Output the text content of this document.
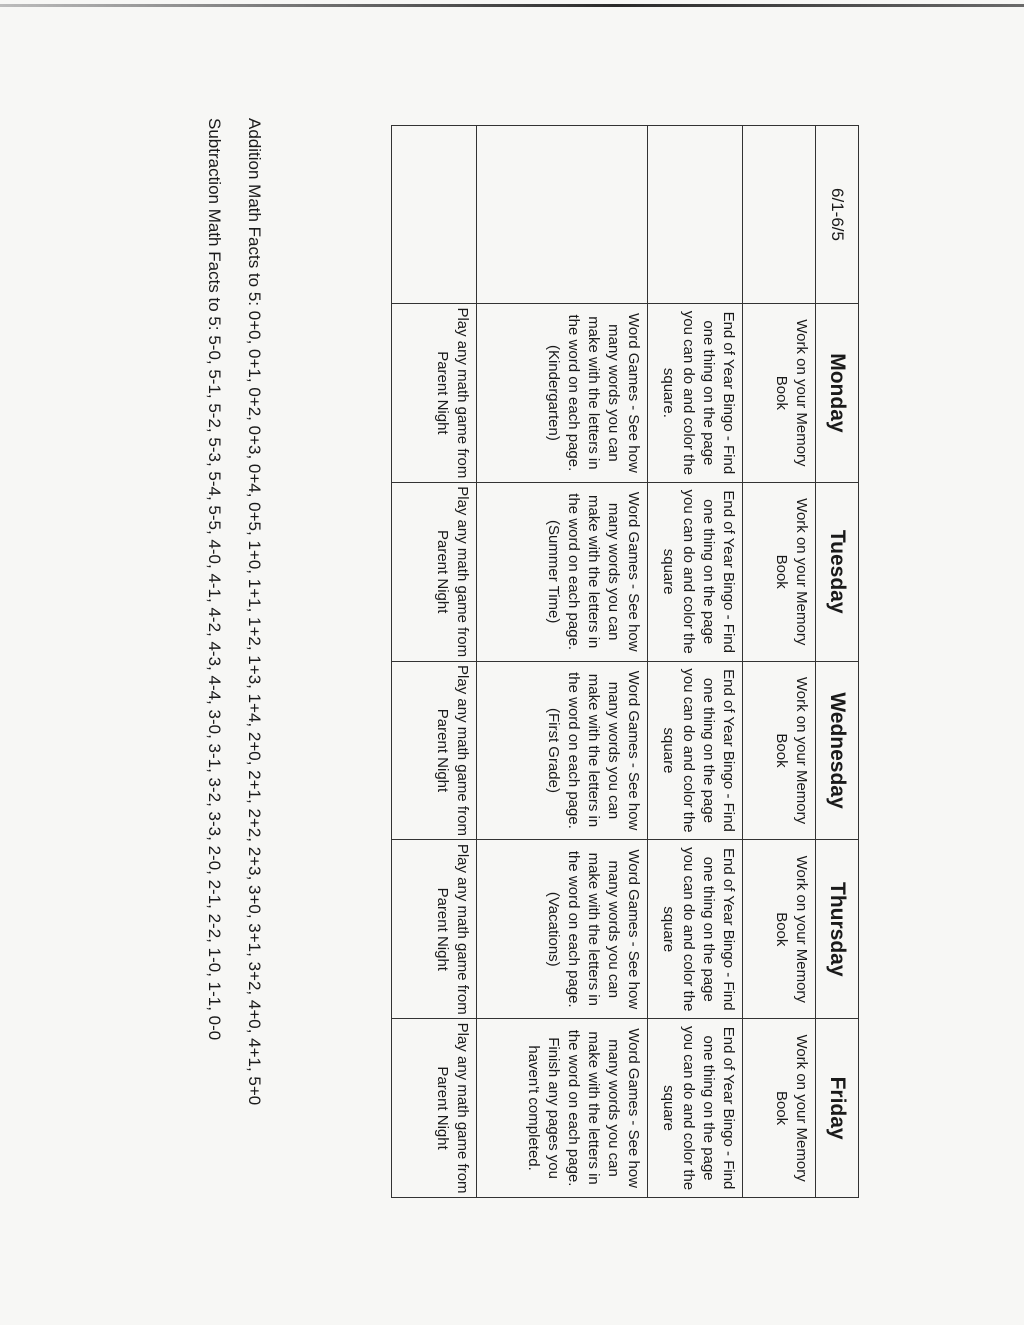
6/1-6/5	Monday	Tuesday	Wednesday	Thursday	Friday
	Work on your Memory Book	Work on your Memory Book	Work on your Memory Book	Work on your Memory Book	Work on your Memory Book
	End of Year Bingo - Find one thing on the page you can do and color the square.	End of Year Bingo - Find one thing on the page you can do and color the square	End of Year Bingo - Find one thing on the page you can do and color the square	End of Year Bingo - Find one thing on the page you can do and color the square	End of Year Bingo - Find one thing on the page you can do and color the square
	Word Games - See how many words you can make with the letters in the word on each page. (Kindergarten)	Word Games - See how many words you can make with the letters in the word on each page. (Summer Time)	Word Games - See how many words you can make with the letters in the word on each page. (First Grade)	Word Games - See how many words you can make with the letters in the word on each page. (Vacations)	Word Games - See how many words you can make with the letters in the word on each page. Finish any pages you haven't completed.
	Play any math game from Parent Night	Play any math game from Parent Night	Play any math game from Parent Night	Play any math game from Parent Night	Play any math game from Parent Night
Addition Math Facts to 5: 0+0, 0+1, 0+2, 0+3, 0+4, 0+5, 1+0, 1+1, 1+2, 1+3, 1+4, 2+0, 2+1, 2+2, 2+3, 3+0, 3+1, 3+2, 4+0, 4+1, 5+0
Subtraction Math Facts to 5: 5-0, 5-1, 5-2, 5-3, 5-4, 5-5, 4-0, 4-1, 4-2, 4-3, 4-4, 3-0, 3-1, 3-2, 3-3, 2-0, 2-1, 2-2, 1-0, 1-1, 0-0
